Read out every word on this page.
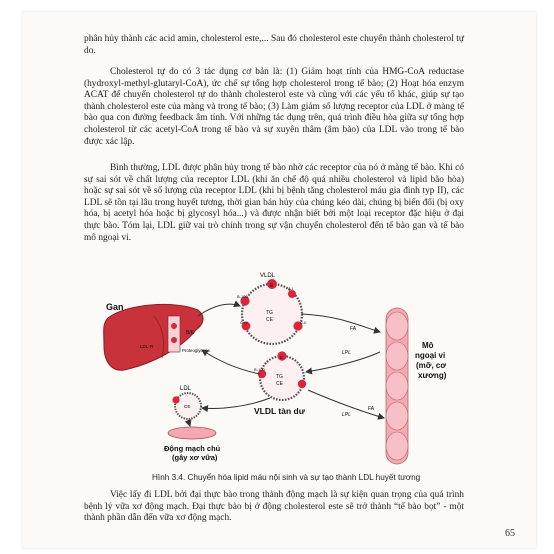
phân hủy thành các acid amin, cholesterol este,... Sau đó cholesterol este chuyển thành cholesterol tự do.

Cholesterol tự do có 3 tác dụng cơ bản là: (1) Giảm hoạt tính của HMG-CoA reductase (hydroxyl-methyl-glutaryl-CoA), ức chế sự tổng hợp cholesterol trong tế bào; (2) Hoạt hóa enzym ACAT để chuyển cholesterol tự do thành cholesterol este và cùng với các yếu tố khác, giúp sự tạo thành cholesterol este của màng và trong tế bào; (3) Làm giảm số lượng receptor của LDL ở màng tế bào qua con đường feedback âm tính. Với những tác dụng trên, quá trình điều hòa giữa sự tổng hợp cholesterol từ các acetyl-CoA trong tế bào và sự xuyên thâm (âm bào) của LDL vào trong tế bào được xác lập.

Bình thường, LDL được phân hủy trong tế bào nhờ các receptor của nó ở màng tế bào. Khi có sự sai sót về chất lượng của receptor LDL (khi ăn chế độ quá nhiều cholesterol và lipid bão hòa) hoặc sự sai sót về số lượng của receptor LDL (khi bị bệnh tăng cholesterol máu gia đình typ II), các LDL sẽ tồn tại lâu trong huyết tương, thời gian bán hủy của chúng kéo dài, chúng bị biến đổi (bị oxy hóa, bị acetyl hóa hoặc bị glycosyl hóa...) và được nhận biết bởi một loại receptor đặc hiệu ở đại thực bào. Tóm lại, LDL giữ vai trò chính trong sự vận chuyển cholesterol đến tế bào gan và tế bào mô ngoại vi.

Gan
B/E
LDL-R
Proteoglycans
E
B-100
C-III	C-II
A-I
TG
CE
VLDL
E
B-100
TG
CE
VLDL tàn dư
CE
LDL
Động mạch chủ
(gây xơ vữa)
FA
LPL
FA
LPL
Mô
ngoại vi
(mỡ, cơ
xương)

Hình 3.4. Chuyển hóa lipid máu nội sinh và sự tạo thành LDL huyết tương

Việc lấy đi LDL bởi đại thực bào trong thành động mạch là sự kiện quan trọng của quá trình bệnh lý vữa xơ động mạch. Đại thực bào bị ở động cholesterol este sẽ trở thành “tế bào bọt” - một thành phần dẫn đến vữa xơ động mạch.

65
